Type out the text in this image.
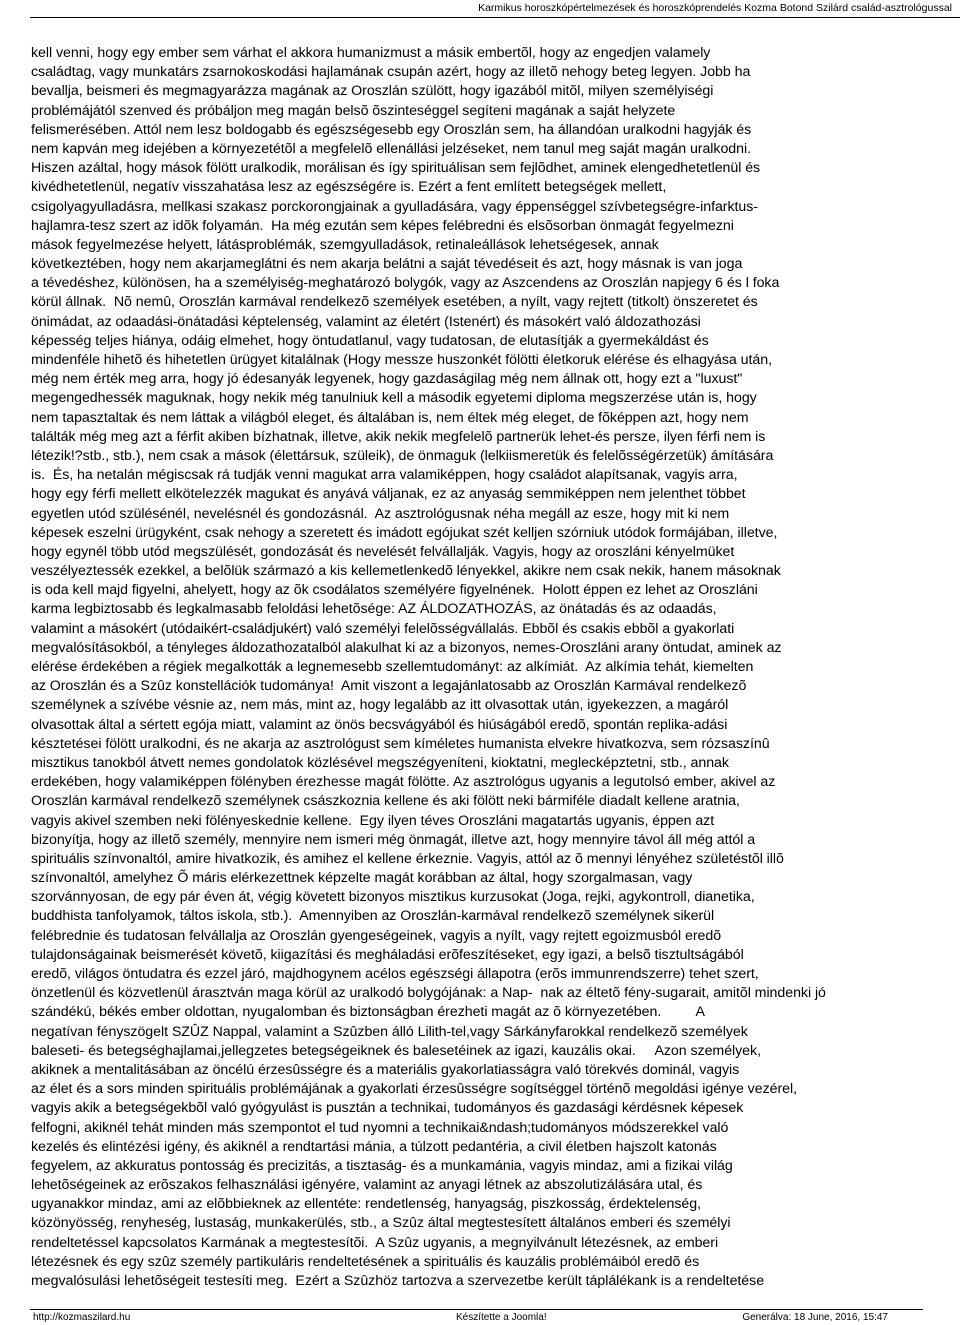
Karmikus horoszkópértelmezések és horoszkóprendelés Kozma Botond Szilárd család-asztrológussal
kell venni, hogy egy ember sem várhat el akkora humanizmust a másik embertõl, hogy az engedjen valamely
családtag, vagy munkatárs zsarnokoskodási hajlamának csupán azért, hogy az illetõ nehogy beteg legyen. Jobb ha
bevallja, beismeri és megmagyarázza magának az Oroszlán szülött, hogy igazából mitõl, milyen személyiségi
problémájától szenved és próbáljon meg magán belsõ õszinteséggel segíteni magának a saját helyzete
felismerésében. Attól nem lesz boldogabb és egészségesebb egy Oroszlán sem, ha állandóan uralkodni hagyják és
nem kapván meg idejében a környezetétõl a megfelelõ ellenállási jelzéseket, nem tanul meg saját magán uralkodni.
Hiszen azáltal, hogy mások fölött uralkodik, morálisan és így spirituálisan sem fejlõdhet, aminek elengedhetetlenül és
kivédhetetlenül, negatív visszahatása lesz az egészségére is. Ezért a fent említett betegségek mellett,
csigolyagyulladásra, mellkasi szakasz porckorongjainak a gyulladására, vagy éppenséggel szívbetegségre-infarktus-
hajlamra-tesz szert az idõk folyamán.  Ha még ezután sem képes felébredni és elsõsorban önmagát fegyelmezni
mások fegyelmezése helyett, látásproblémák, szemgyulladások, retinaleállások lehetségesek, annak
következtében, hogy nem akarjameglátni és nem akarja belátni a saját tévedéseit és azt, hogy másnak is van joga
a tévedéshez, különösen, ha a személyiség-meghatározó bolygók, vagy az Aszcendens az Oroszlán napjegy 6 és l foka
körül állnak.  Nõ nemû, Oroszlán karmával rendelkezõ személyek esetében, a nyílt, vagy rejtett (titkolt) önszeretet és
önimádat, az odaadási-önátadási képtelenség, valamint az életért (Istenért) és másokért való áldozathozási
képesség teljes hiánya, odáig elmehet, hogy öntudatlanul, vagy tudatosan, de elutasítják a gyermekáldást és
mindenféle hihetõ és hihetetlen ürügyet kitalálnak (Hogy messze huszonkét fölötti életkoruk elérése és elhagyása után,
még nem érték meg arra, hogy jó édesanyák legyenek, hogy gazdaságilag még nem állnak ott, hogy ezt a "luxust"
megengedhessék maguknak, hogy nekik még tanulniuk kell a második egyetemi diploma megszerzése után is, hogy
nem tapasztaltak és nem láttak a világból eleget, és általában is, nem éltek még eleget, de fõképpen azt, hogy nem
találták még meg azt a férfit akiben bízhatnak, illetve, akik nekik megfelelõ partnerük lehet-és persze, ilyen férfi nem is
létezik!?stb., stb.), nem csak a mások (élettársuk, szüleik), de önmaguk (lelkiismeretük és felelõsségérzetük) ámítására
is.  És, ha netalán mégiscsak rá tudják venni magukat arra valamiképpen, hogy családot alapítsanak, vagyis arra,
hogy egy férfi mellett elkötelezzék magukat és anyává váljanak, ez az anyaság semmiképpen nem jelenthet többet
egyetlen utód szülésénél, nevelésnél és gondozásnál.  Az asztrológusnak néha megáll az esze, hogy mit ki nem
képesek eszelni ürügyként, csak nehogy a szeretett és imádott egójukat szét kelljen szórniuk utódok formájában, illetve,
hogy egynél több utód megszülését, gondozását és nevelését felvállalják. Vagyis, hogy az oroszláni kényelmüket
veszélyeztessék ezekkel, a belõlük származó a kis kellemetlenkedõ lényekkel, akikre nem csak nekik, hanem másoknak
is oda kell majd figyelni, ahelyett, hogy az õk csodálatos személyére figyelnének.  Holott éppen ez lehet az Oroszláni
karma legbiztosabb és legkalmasabb feloldási lehetõsége: AZ ÁLDOZATHOZÁS, az önátadás és az odaadás,
valamint a másokért (utódaikért-családjukért) való személyi felelõsségvállalás. Ebbõl és csakis ebbõl a gyakorlati
megvalósításokból, a tényleges áldozathozatalból alakulhat ki az a bizonyos, nemes-Oroszláni arany öntudat, aminek az
elérése érdekében a régiek megalkották a legnemesebb szellemtudományt: az alkímiát.  Az alkímia tehát, kiemelten
az Oroszlán és a Szûz konstellációk tudománya!  Amit viszont a legajánlatosabb az Oroszlán Karmával rendelkezõ
személynek a szívébe vésnie az, nem más, mint az, hogy legalább az itt olvasottak után, igyekezzen, a magáról
olvasottak által a sértett egója miatt, valamint az önös becsvágyából és hiúságából eredõ, spontán replika-adási
késztetései fölött uralkodni, és ne akarja az asztrológust sem kíméletes humanista elvekre hivatkozva, sem rózsaszínû
misztikus tanokból átvett nemes gondolatok közlésével megszégyeníteni, kioktatni, meglecképztetni, stb., annak
erdekében, hogy valamiképpen fölényben érezhesse magát fölötte. Az asztrológus ugyanis a legutolsó ember, akivel az
Oroszlán karmával rendelkezõ személynek császkoznia kellene és aki fölött neki bármiféle diadalt kellene aratnia,
vagyis akivel szemben neki fölényeskednie kellene.  Egy ilyen téves Oroszláni magatartás ugyanis, éppen azt
bizonyítja, hogy az illetõ személy, mennyire nem ismeri még önmagát, illetve azt, hogy mennyire távol áll még attól a
spirituális színvonaltól, amire hivatkozik, és amihez el kellene érkeznie. Vagyis, attól az õ mennyi lényéhez születéstõl illõ
színvonaltól, amelyhez Õ máris elérkezettnek képzelte magát korábban az által, hogy szorgalmasan, vagy
szorvánnyosan, de egy pár éven át, végig követett bizonyos misztikus kurzusokat (Joga, rejki, agykontroll, dianetika,
buddhista tanfolyamok, táltos iskola, stb.).  Amennyiben az Oroszlán-karmával rendelkezõ személynek sikerül
felébrednie és tudatosan felvállalja az Oroszlán gyengeségeinek, vagyis a nyílt, vagy rejtett egoizmusból eredõ
tulajdonságainak beismerését követõ, kiigazítási és megháladási erõfeszítéseket, egy igazi, a belsõ tisztultságából
eredõ, világos öntudatra és ezzel járó, majdhogynem acélos egészségi állapotra (erõs immunrendszerre) tehet szert,
önzetlenül és közvetlenül árasztván maga körül az uralkodó bolygójának: a Nap-  nak az éltetõ fény-sugarait, amitõl mindenki jó
szándékú, békés ember oldottan, nyugalomban és biztonságban érezheti magát az õ környezetében.         A
negatívan fényszögelt SZÛZ Nappal, valamint a Szûzben álló Lilith-tel,vagy Sárkányfarokkal rendelkezõ személyek
baleseti- és betegséghajlamai,jellegzetes betegségeiknek és balesetéinek az igazi, kauzális okai.     Azon személyek,
akiknek a mentalitásában az öncélú érzesûsségre és a materiális gyakorlatiasságra való törekvés dominál, vagyis
az élet és a sors minden spirituális problémájának a gyakorlati érzesûsségre sogítséggel történõ megoldási igénye vezérel,
vagyis akik a betegségekbõl való gyógyulást is pusztán a technikai, tudományos és gazdasági kérdésnek képesek
felfogni, akiknél tehát minden más szempontot el tud nyomni a technikai&ndash;tudományos módszerekkel való
kezelés és elintézési igény, és akiknél a rendtartási mánia, a túlzott pedantéria, a civil életben hajszolt katonás
fegyelem, az akkuratus pontosság és precizitás, a tisztaság- és a munkamánia, vagyis mindaz, ami a fizikai világ
lehetõségeinek az erõszakos felhasználási igényére, valamint az anyagi létnek az abszolutizálására utal, és
ugyanakkor mindaz, ami az elõbbieknek az ellentéte: rendetlenség, hanyagság, piszkosság, érdektelenség,
közönyösség, renyheség, lustaság, munkakerülés, stb., a Szûz által megtestesített általános emberi és személyi
rendeltetéssel kapcsolatos Karmának a megtestesítõi.  A Szûz ugyanis, a megnyilvánult létezésnek, az emberi
létezésnek és egy szûz személy partikuláris rendeltetésének a spirituális és kauzális problémáiból eredõ és
megvalósulási lehetõségeit testesíti meg.  Ezért a Szûzhöz tartozva a szervezetbe került táplálékank is a rendeltetése
http://kozmaszilard.hu	Készítette a Joomla!	Generálva: 18 June, 2016, 15:47
